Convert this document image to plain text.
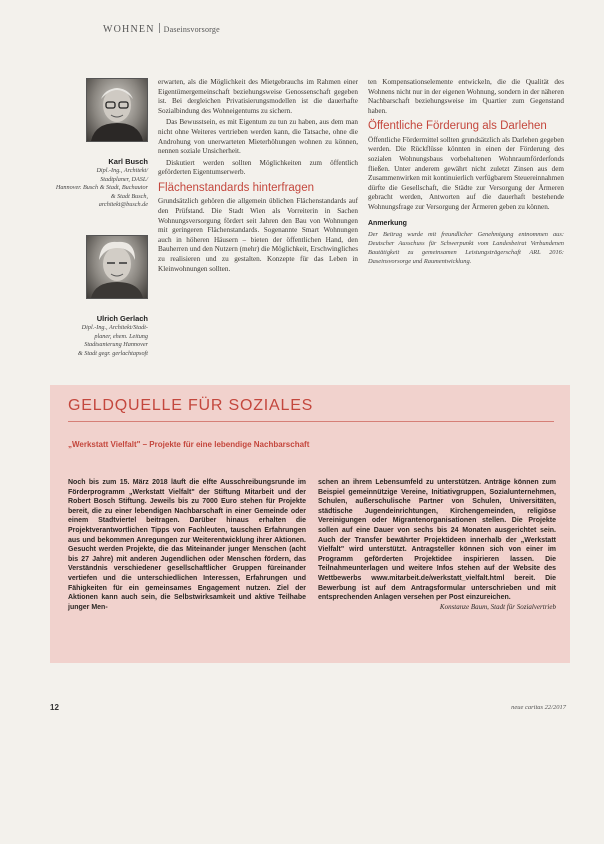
WOHNEN Daseinsvorsorge
Karl Busch
Dipl.-Ing., Architekt/
Stadtplaner, DASL/
Hannover. Busch & Stadt, Buchautor
& Stadt Busch,
architekt@busch.de
Ulrich Gerlach
Dipl.-Ing., Architekt/Stadt-
planer, ehem. Leitung
Stadtsanierung Hannover
& Stadt gegr. gerlachtapsoft

erwarten, als die Möglichkeit des Mietgebrauchs im Rahmen einer Eigentümergemeinschaft beziehungsweise Genossenschaft gegeben ist. Bei dergleichen Privatisierungsmodellen ist die dauerhafte Sozialbindung des Wohneigentums zu sichern.

Das Bewusstsein, es mit Eigentum zu tun zu haben, aus dem man nicht ohne Weiteres vertrieben werden kann, die Tatsache, ohne die Androhung von unerwarteten Mieterhöhungen wohnen zu können, nennen soziale Unsicherheit.

Diskutiert werden sollten Möglichkeiten zum öffentlich geförderten Eigentumserwerb.

Flächenstandards hinterfragen

Grundsätzlich gehören die allgemein üblichen Flächenstandards auf den Prüfstand. Die Stadt Wien als Vorreiterin in Sachen Wohnungsversorgung fördert seit Jahren den Bau von Wohnungen mit geringeren Flächenstandards. Sogenannte Smart Wohnungen auch in höheren Häusern – bieten der öffentlichen Hand, den Bauherren und den Nutzern (mehr) die Möglichkeit, Erschwingliches zu realisieren und zu gestalten. Konzepte für das Leben in Kleinwohnungen sollten.

ten Kompensationselemente entwickeln, die die Qualität des Wohnens nicht nur in der eigenen Wohnung, sondern in der näheren Nachbarschaft beziehungsweise im Quartier zum Gegenstand haben.

Öffentliche Förderung als Darlehen

Öffentliche Fördermittel sollten grundsätzlich als Darlehen gegeben werden. Die Rückflüsse könnten in einen der Förderung des sozialen Wohnungsbaus vorbehaltenen Wohnraumförderfonds fließen. Unter anderem gewährt nicht zuletzt Zinsen aus dem Zusammenwirken mit kontinuierlich verfügbarem Steuereinnahmen dürfte die Gesellschaft, die Städte zur Versorgung der Ärmeren gebracht werden, Antworten auf die dauerhaft bestehende Wohnungsfrage zur Versorgung der Ärmeren geben zu können.

Anmerkung
Der Beitrag wurde mit freundlicher Genehmigung entnommen aus: Deutscher Ausschuss für Schwerpunkt vom Landesbeirat Verbundenen Bautätigkeit zu gemeinsamen Leistungsträgerschaft ARL 2016: Daseinsvorsorge und Raumentwicklung.
GELDQUELLE FÜR SOZIALES
„Werkstatt Vielfalt" – Projekte für eine lebendige Nachbarschaft
Noch bis zum 15. März 2018 läuft die elfte Ausschreibungsrunde im Förderprogramm „Werkstatt Vielfalt" der Stiftung Mitarbeit und der Robert Bosch Stiftung. Jeweils bis zu 7000 Euro stehen für Projekte bereit, die zu einer lebendigen Nachbarschaft in einer Gemeinde oder einem Stadtviertel beitragen. Darüber hinaus erhalten die Projektverantwortlichen Tipps von Fachleuten, tauschen Erfahrungen aus und bekommen Anregungen zur Weiterentwicklung ihrer Aktionen. Gesucht werden Projekte, die das Miteinander junger Menschen (acht bis 27 Jahre) mit anderen Jugendlichen oder Menschen fördern, das Verständnis verschiedener gesellschaftlicher Gruppen füreinander vertiefen und die unterschiedlichen Interessen, Erfahrungen und Fähigkeiten für ein gemeinsames Engagement nutzen. Ziel der Aktionen kann auch sein, die Selbstwirksamkeit und aktive Teilhabe junger Men-
schen an ihrem Lebensumfeld zu unterstützen. Anträge können zum Beispiel gemeinnützige Vereine, Initiativgruppen, Sozialunternehmen, Schulen, außerschulische Partner von Schulen, Universitäten, städtische Jugendeinrichtungen, Kirchengemeinden, religiöse Vereinigungen oder Migrantenorganisationen stellen. Die Projekte sollen auf eine Dauer von sechs bis 24 Monaten ausgerichtet sein. Auch der Transfer bewährter Projektideen innerhalb der „Werkstatt Vielfalt" wird unterstützt. Antragsteller können sich von einer im Programm geförderten Projektidee inspirieren lassen. Die Teilnahmeunterlagen und weitere Infos stehen auf der Website des Wettbewerbs www.mitarbeit.de/werkstatt_vielfalt.html bereit. Die Bewerbung ist auf dem Antragsformular unterschrieben und mit entsprechenden Anlagen versehen per Post einzureichen.
Konstanze Baum, Stadt für Sozialvertrieb
12	neue caritas 22/2017
